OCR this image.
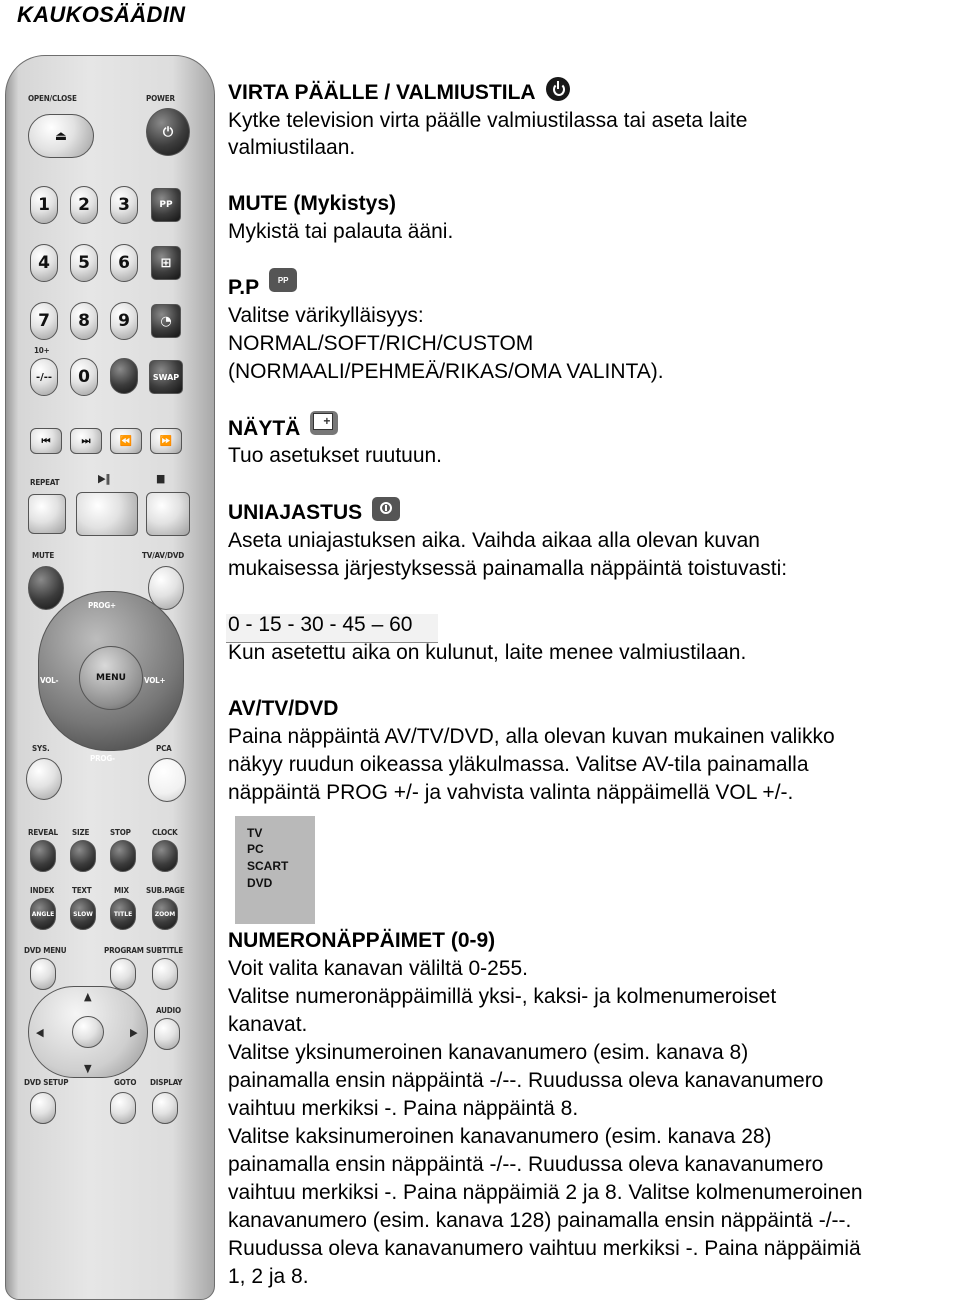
KAUKOSÄÄDIN
OPEN/CLOSE	POWER
⏏	⏻
1	2	3	PP
4	5	6	⊞
7	8	9	◔
10+
-/--	0	SWAP
⏮	⏭	⏪	⏩
REPEAT	▶‖	■
MUTE	TV/AV/DVD
PROG+
VOL-	MENU VOL+
PROG-
SYS.	PCA
REVEAL SIZE	STOP	CLOCK
INDEX TEXT	MIX SUB.PAGE
ANGLE	SLOW	TITLE	ZOOM
DVD MENU	PROGRAM SUBTITLE
▲
◀	▶
▼
AUDIO
DVD SETUP	GOTO DISPLAY
VIRTA PÄÄLLE / VALMIUSTILA
Kytke television virta päälle valmiustilassa tai aseta laite
valmiustilaan.
MUTE (Mykistys)
Mykistä tai palauta ääni.
P.P PP
Valitse värikylläisyys:
NORMAL/SOFT/RICH/CUSTOM
(NORMAALI/PEHMEÄ/RIKAS/OMA VALINTA).
NÄYTÄ+
Tuo asetukset ruutuun.
UNIAJASTUS
Aseta uniajastuksen aika. Vaihda aikaa alla olevan kuvan
mukaisessa järjestyksessä painamalla näppäintä toistuvasti:
0 - 15 - 30 - 45 – 60
Kun asetettu aika on kulunut, laite menee valmiustilaan.
AV/TV/DVD
Paina näppäintä AV/TV/DVD, alla olevan kuvan mukainen valikko
näkyy ruudun oikeassa yläkulmassa. Valitse AV-tila painamalla
näppäintä PROG +/- ja vahvista valinta näppäimellä VOL +/-.
TV
PC
SCART
DVD
NUMERONÄPPÄIMET (0-9)
Voit valita kanavan väliltä 0-255.
Valitse numeronäppäimillä yksi-, kaksi- ja kolmenumeroiset
kanavat.
Valitse yksinumeroinen kanavanumero (esim. kanava 8)
painamalla ensin näppäintä -/--. Ruudussa oleva kanavanumero
vaihtuu merkiksi -. Paina näppäintä 8.
Valitse kaksinumeroinen kanavanumero (esim. kanava 28)
painamalla ensin näppäintä -/--. Ruudussa oleva kanavanumero
vaihtuu merkiksi -. Paina näppäimiä 2 ja 8. Valitse kolmenumeroinen
kanavanumero (esim. kanava 128) painamalla ensin näppäintä -/--.
Ruudussa oleva kanavanumero vaihtuu merkiksi -. Paina näppäimiä
1, 2 ja 8.
